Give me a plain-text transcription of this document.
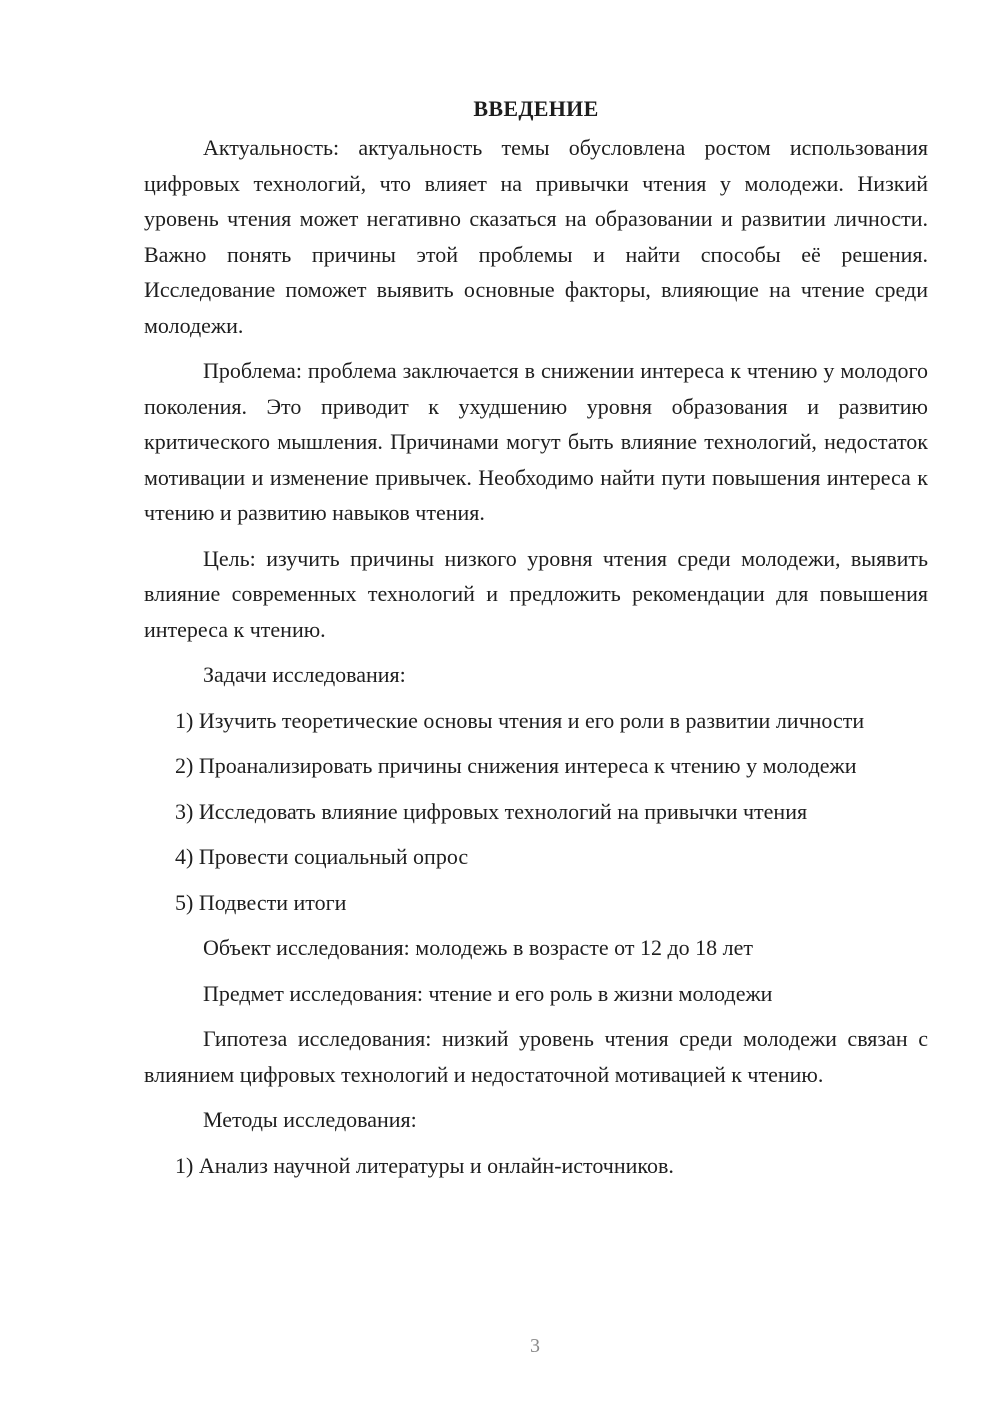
ВВЕДЕНИЕ

Актуальность: актуальность темы обусловлена ростом использования цифровых технологий, что влияет на привычки чтения у молодежи. Низкий уровень чтения может негативно сказаться на образовании и развитии личности. Важно понять причины этой проблемы и найти способы её решения. Исследование поможет выявить основные факторы, влияющие на чтение среди молодежи.

Проблема: проблема заключается в снижении интереса к чтению у молодого поколения. Это приводит к ухудшению уровня образования и развитию критического мышления. Причинами могут быть влияние технологий, недостаток мотивации и изменение привычек. Необходимо найти пути повышения интереса к чтению и развитию навыков чтения.

Цель: изучить причины низкого уровня чтения среди молодежи, выявить влияние современных технологий и предложить рекомендации для повышения интереса к чтению.

Задачи исследования:

1) Изучить теоретические основы чтения и его роли в развитии личности

2) Проанализировать причины снижения интереса к чтению у молодежи

3) Исследовать влияние цифровых технологий на привычки чтения

4) Провести социальный опрос

5) Подвести итоги

Объект исследования: молодежь в возрасте от 12 до 18 лет

Предмет исследования: чтение и его роль в жизни молодежи

Гипотеза исследования: низкий уровень чтения среди молодежи связан с влиянием цифровых технологий и недостаточной мотивацией к чтению.

Методы исследования:

1) Анализ научной литературы и онлайн-источников.

3
